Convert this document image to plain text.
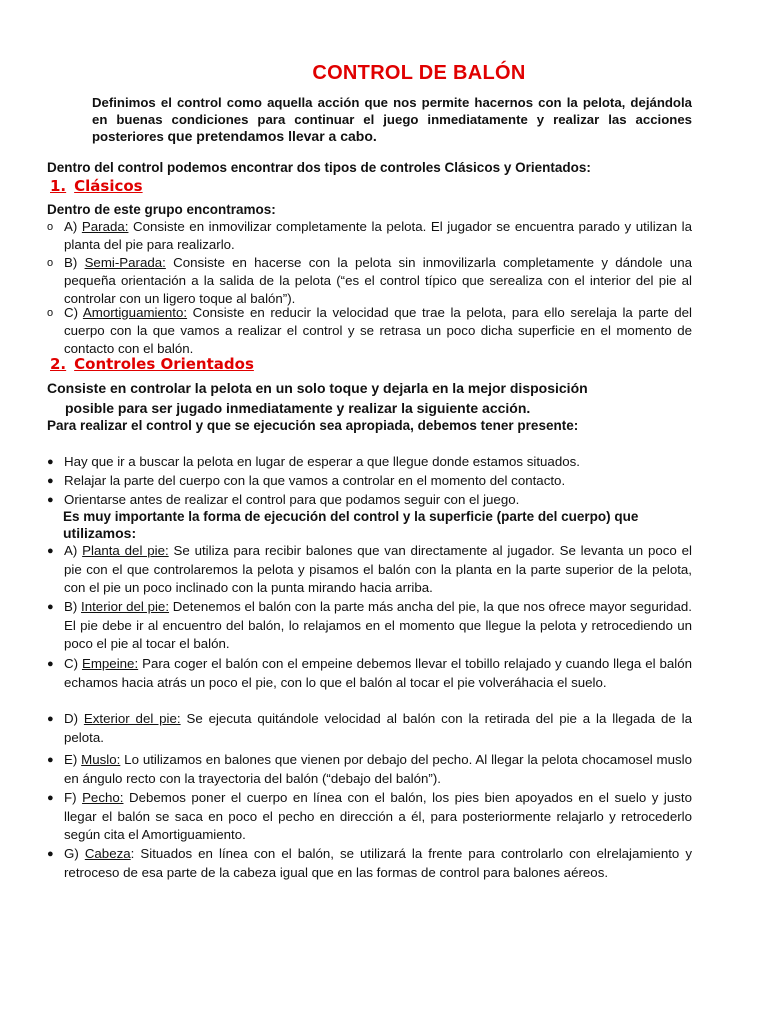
CONTROL DE BALÓN
Definimos el control como aquella acción que nos permite hacernos con la pelota, dejándola en buenas condiciones para continuar el juego inmediatamente y realizar las acciones posteriores que pretendamos llevar a cabo.
Dentro del control podemos encontrar dos tipos de controles Clásicos y Orientados:
1. Clásicos
Dentro de este grupo encontramos:
o A) Parada: Consiste en inmovilizar completamente la pelota. El jugador se encuentra parado y utilizan la planta del pie para realizarlo.
o B) Semi-Parada: Consiste en hacerse con la pelota sin inmovilizarla completamente y dándole una pequeña orientación a la salida de la pelota (“es el control típico que serealiza con el interior del pie al controlar con un ligero toque al balón”).
o C) Amortiguamiento: Consiste en reducir la velocidad que trae la pelota, para ello serelaja la parte del cuerpo con la que vamos a realizar el control y se retrasa un poco dicha superficie en el momento de contacto con el balón.
2. Controles Orientados
Consiste en controlar la pelota en un solo toque y dejarla en la mejor disposición
posible para ser jugado inmediatamente y realizar la siguiente acción.
Para realizar el control y que se ejecución sea apropiada, debemos tener presente:
● Hay que ir a buscar la pelota en lugar de esperar a que llegue donde estamos situados.
● Relajar la parte del cuerpo con la que vamos a controlar en el momento del contacto.
● Orientarse antes de realizar el control para que podamos seguir con el juego.
Es muy importante la forma de ejecución del control y la superficie (parte del cuerpo) que
utilizamos:
● A) Planta del pie: Se utiliza para recibir balones que van directamente al jugador. Se levanta un poco el pie con el que controlaremos la pelota y pisamos el balón con la planta en la parte superior de la pelota, con el pie un poco inclinado con la punta mirando hacia arriba.
● B) Interior del pie: Detenemos el balón con la parte más ancha del pie, la que nos ofrece mayor seguridad. El pie debe ir al encuentro del balón, lo relajamos en el momento que llegue la pelota y retrocediendo un poco el pie al tocar el balón.
● C) Empeine: Para coger el balón con el empeine debemos llevar el tobillo relajado y cuando llega el balón echamos hacia atrás un poco el pie, con lo que el balón al tocar el pie volveráhacia el suelo.
● D) Exterior del pie: Se ejecuta quitándole velocidad al balón con la retirada del pie a la llegada de la pelota.
● E) Muslo: Lo utilizamos en balones que vienen por debajo del pecho. Al llegar la pelota chocamosel muslo en ángulo recto con la trayectoria del balón (“debajo del balón”).
● F) Pecho: Debemos poner el cuerpo en línea con el balón, los pies bien apoyados en el suelo y justo llegar el balón se saca en poco el pecho en dirección a él, para posteriormente relajarlo y retrocederlo según cita el Amortiguamiento.
● G) Cabeza: Situados en línea con el balón, se utilizará la frente para controlarlo con elrelajamiento y retroceso de esa parte de la cabeza igual que en las formas de control para balones aéreos.
